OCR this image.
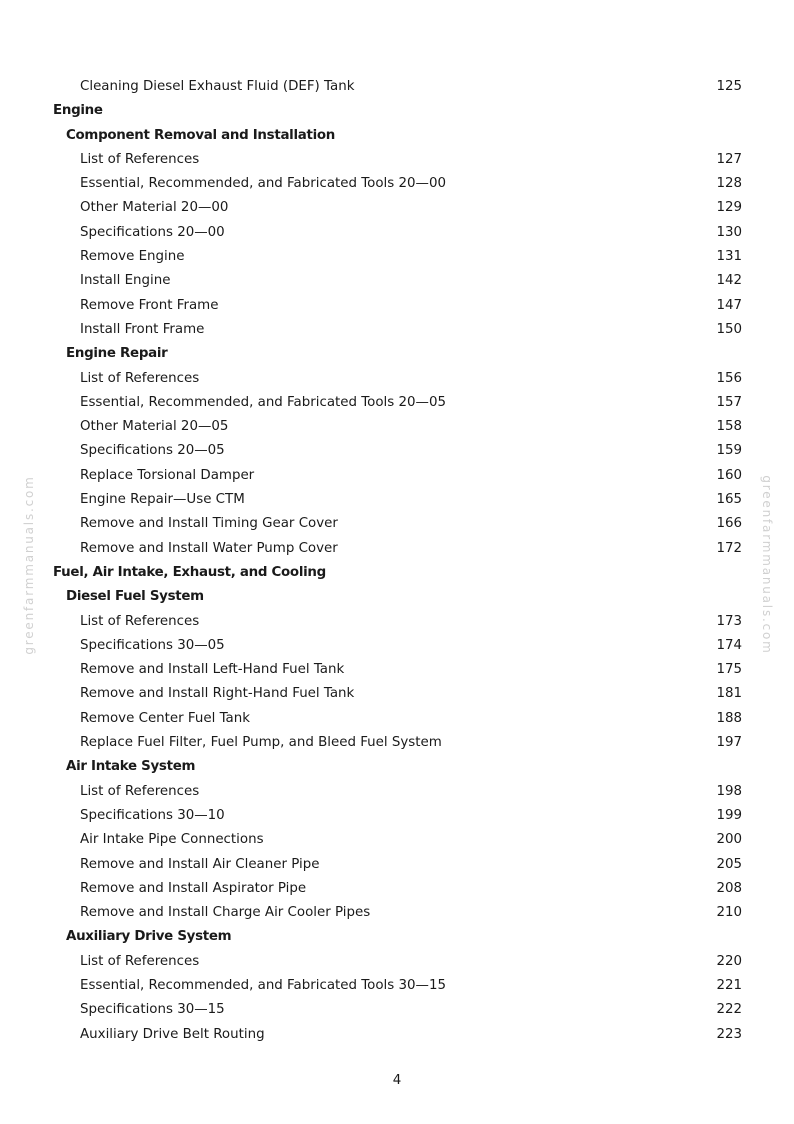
Cleaning Diesel Exhaust Fluid (DEF) Tank	125
Engine
Component Removal and Installation
List of References	127
Essential, Recommended, and Fabricated Tools 20—00	128
Other Material 20—00	129
Specifications 20—00	130
Remove Engine	131
Install Engine	142
Remove Front Frame	147
Install Front Frame	150
Engine Repair
List of References	156
Essential, Recommended, and Fabricated Tools 20—05	157
Other Material 20—05	158
Specifications 20—05	159
Replace Torsional Damper	160
Engine Repair—Use CTM	165
Remove and Install Timing Gear Cover	166
Remove and Install Water Pump Cover	172
Fuel, Air Intake, Exhaust, and Cooling
Diesel Fuel System
List of References	173
Specifications 30—05	174
Remove and Install Left-Hand Fuel Tank	175
Remove and Install Right-Hand Fuel Tank	181
Remove Center Fuel Tank	188
Replace Fuel Filter, Fuel Pump, and Bleed Fuel System	197
Air Intake System
List of References	198
Specifications 30—10	199
Air Intake Pipe Connections	200
Remove and Install Air Cleaner Pipe	205
Remove and Install Aspirator Pipe	208
Remove and Install Charge Air Cooler Pipes	210
Auxiliary Drive System
List of References	220
Essential, Recommended, and Fabricated Tools 30—15	221
Specifications 30—15	222
Auxiliary Drive Belt Routing	223
greenfarmmanuals.com	greenfarmmanuals.com
4
